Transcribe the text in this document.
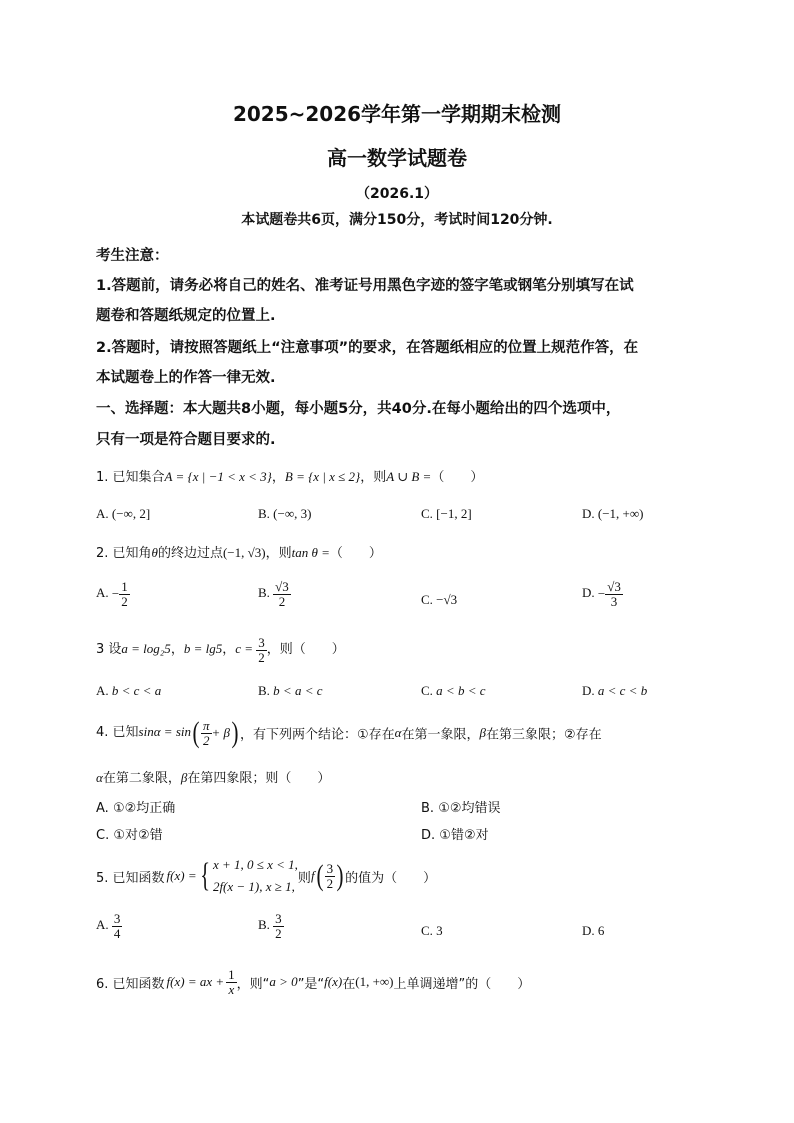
2025~2026学年第一学期期末检测
高一数学试题卷
（2026.1）
本试题卷共6页，满分150分，考试时间120分钟.
考生注意：
1.答题前，请务必将自己的姓名、准考证号用黑色字迹的签字笔或钢笔分别填写在试
题卷和答题纸规定的位置上.
2.答题时，请按照答题纸上“注意事项”的要求，在答题纸相应的位置上规范作答，在
本试题卷上的作答一律无效.
一、选择题：本大题共8小题，每小题5分，共40分.在每小题给出的四个选项中，
只有一项是符合题目要求的.
1. 已知集合A = {x | −1 < x < 3}，B = {x | x ≤ 2}，则A ∪ B =（　　）
A. (−∞, 2]	B. (−∞, 3)	C. [−1, 2]	D. (−1, +∞)
2. 已知角θ的终边过点(−1, √3)，则tan θ =（　　）
A. − $\frac{1}{2}$	B. $\frac{√3}{2}$	C. −√3	D. − $\frac{√3}{3}$
3 设a = log₂5，b = lg5，$c = \frac{3}{2}$ ，则（　　）
A. b < c < a	B. b < a < c	C. a < b < c	D. a < c < b
4. 已知$\sin\alpha = \sin( \frac{\pi}{2} + \beta)$ ，有下列两个结论：①存在α在第一象限，β在第三象限；②存在
α在第二象限，β在第四象限；则（　　）
A. ①②均正确	B. ①②均错误
C. ①对②错	D. ①错②对
5. 已知函数 f(x) = { x + 1, 0 ≤ x < 1,
2f(x − 1), x ≥ 1,
则 f ( $\frac{3}{2}$ ) 的值为（　　）
A. $\frac{3}{4}$	B. $\frac{3}{2}$	C. 3	D. 6
6. 已知函数 f(x) = ax + $\frac{1}{x}$ ，则“ a > 0 ”是“ f(x) 在 (1, +∞) 上单调递增”的（　　）
